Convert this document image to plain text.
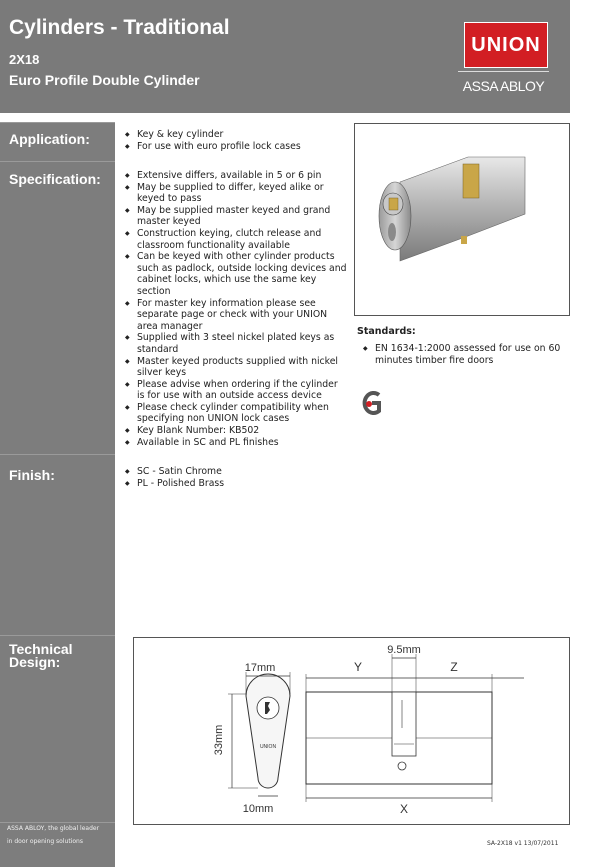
Cylinders - Traditional
2X18
Euro Profile Double Cylinder
UNION
ASSA ABLOY
Application:
Specification:
Finish:
Technical Design:
ASSA ABLOY, the global leader
in door opening solutions
◆ Key & key cylinder
◆ For use with euro profile lock cases
◆ Extensive differs, available in 5 or 6 pin
◆ May be supplied to differ, keyed alike or keyed to pass
◆ May be supplied master keyed and grand master keyed
◆ Construction keying, clutch release and classroom functionality available
◆ Can be keyed with other cylinder products such as padlock, outside locking devices and cabinet locks, which use the same key section
◆ For master key information please see separate page or check with your UNION area manager
◆ Supplied with 3 steel nickel plated keys as standard
◆ Master keyed products supplied with nickel silver keys
◆ Please advise when ordering if the cylinder is for use with an outside access device
◆ Please check cylinder compatibility when specifying non UNION lock cases
◆ Key Blank Number: KB502
◆ Available in SC and PL finishes
◆ SC - Satin Chrome
◆ PL - Polished Brass
Standards:
◆ EN 1634-1:2000 assessed for use on 60 minutes timber fire doors
UNION
17mm
33mm
10mm
9.5mm
Y	Z
X
SA-2X18 v1 13/07/2011
